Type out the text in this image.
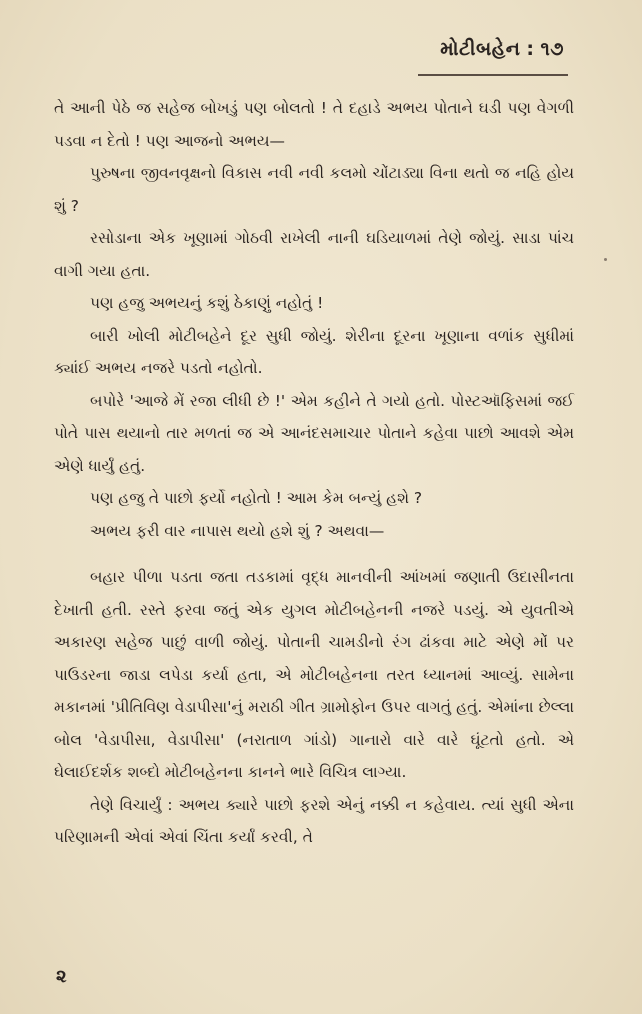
મોટીબહેન : ૧૭

તે આની પેઠે જ સહેજ બોખડું પણ બોલતો ! તે દહાડે અભય પોતાને ઘડી પણ વેગળી પડવા ન દેતો ! પણ આજનો અભય—

પુરુષના જીવનવૃક્ષનો વિકાસ નવી નવી કલમો ચોંટાડ્યા વિના થતો જ નહિ હોય શું ?

રસોડાના એક ખૂણામાં ગોઠવી રાખેલી નાની ઘડિયાળમાં તેણે જોયું. સાડા પાંચ વાગી ગયા હતા.

પણ હજુ અભયનું કશું ઠેકાણું નહોતું !

બારી ખોલી મોટીબહેને દૂર સુધી જોયું. શેરીના દૂરના ખૂણાના વળાંક સુધીમાં ક્યાંઈ અભય નજરે પડતો નહોતો.

બપોરે 'આજે મેં રજા લીધી છે !' એમ કહીને તે ગયો હતો. પોસ્ટઑફિસમાં જઈ પોતે પાસ થયાનો તાર મળતાં જ એ આનંદસમાચાર પોતાને કહેવા પાછો આવશે એમ એણે ધાર્યું હતું.

પણ હજુ તે પાછો ફર્યો નહોતો ! આમ કેમ બન્યું હશે ?

અભય ફરી વાર નાપાસ થયો હશે શું ? અથવા—

બહાર પીળા પડતા જતા તડકામાં વૃદ્ધ માનવીની આંખમાં જણાતી ઉદાસીનતા દેખાતી હતી. રસ્તે ફરવા જતું એક યુગલ મોટીબહેનની નજરે પડયું. એ યુવતીએ અકારણ સહેજ પાછું વાળી જોયું. પોતાની ચામડીનો રંગ ઢાંકવા માટે એણે મોં પર પાઉડરના જાડા લપેડા કર્યા હતા, એ મોટીબહેનના તરત ધ્યાનમાં આવ્યું. સામેના મકાનમાં 'પ્રીતિવિણ વેડાપીસા'નું મરાઠી ગીત ગ્રામોફોન ઉપર વાગતું હતું. એમાંના છેલ્લા બોલ 'વેડાપીસા, વેડાપીસા' (નરાતાળ ગાંડો) ગાનારો વારે વારે ઘૂંટતો હતો. એ ઘેલાઈદર્શક શબ્દો મોટીબહેનના કાનને ભારે વિચિત્ર લાગ્યા.

તેણે વિચાર્યું : અભય ક્યારે પાછો ફરશે એનું નક્કી ન કહેવાય. ત્યાં સુધી એના પરિણામની એવાં એવાં ચિંતા કર્યાં કરવી, તે

૨
